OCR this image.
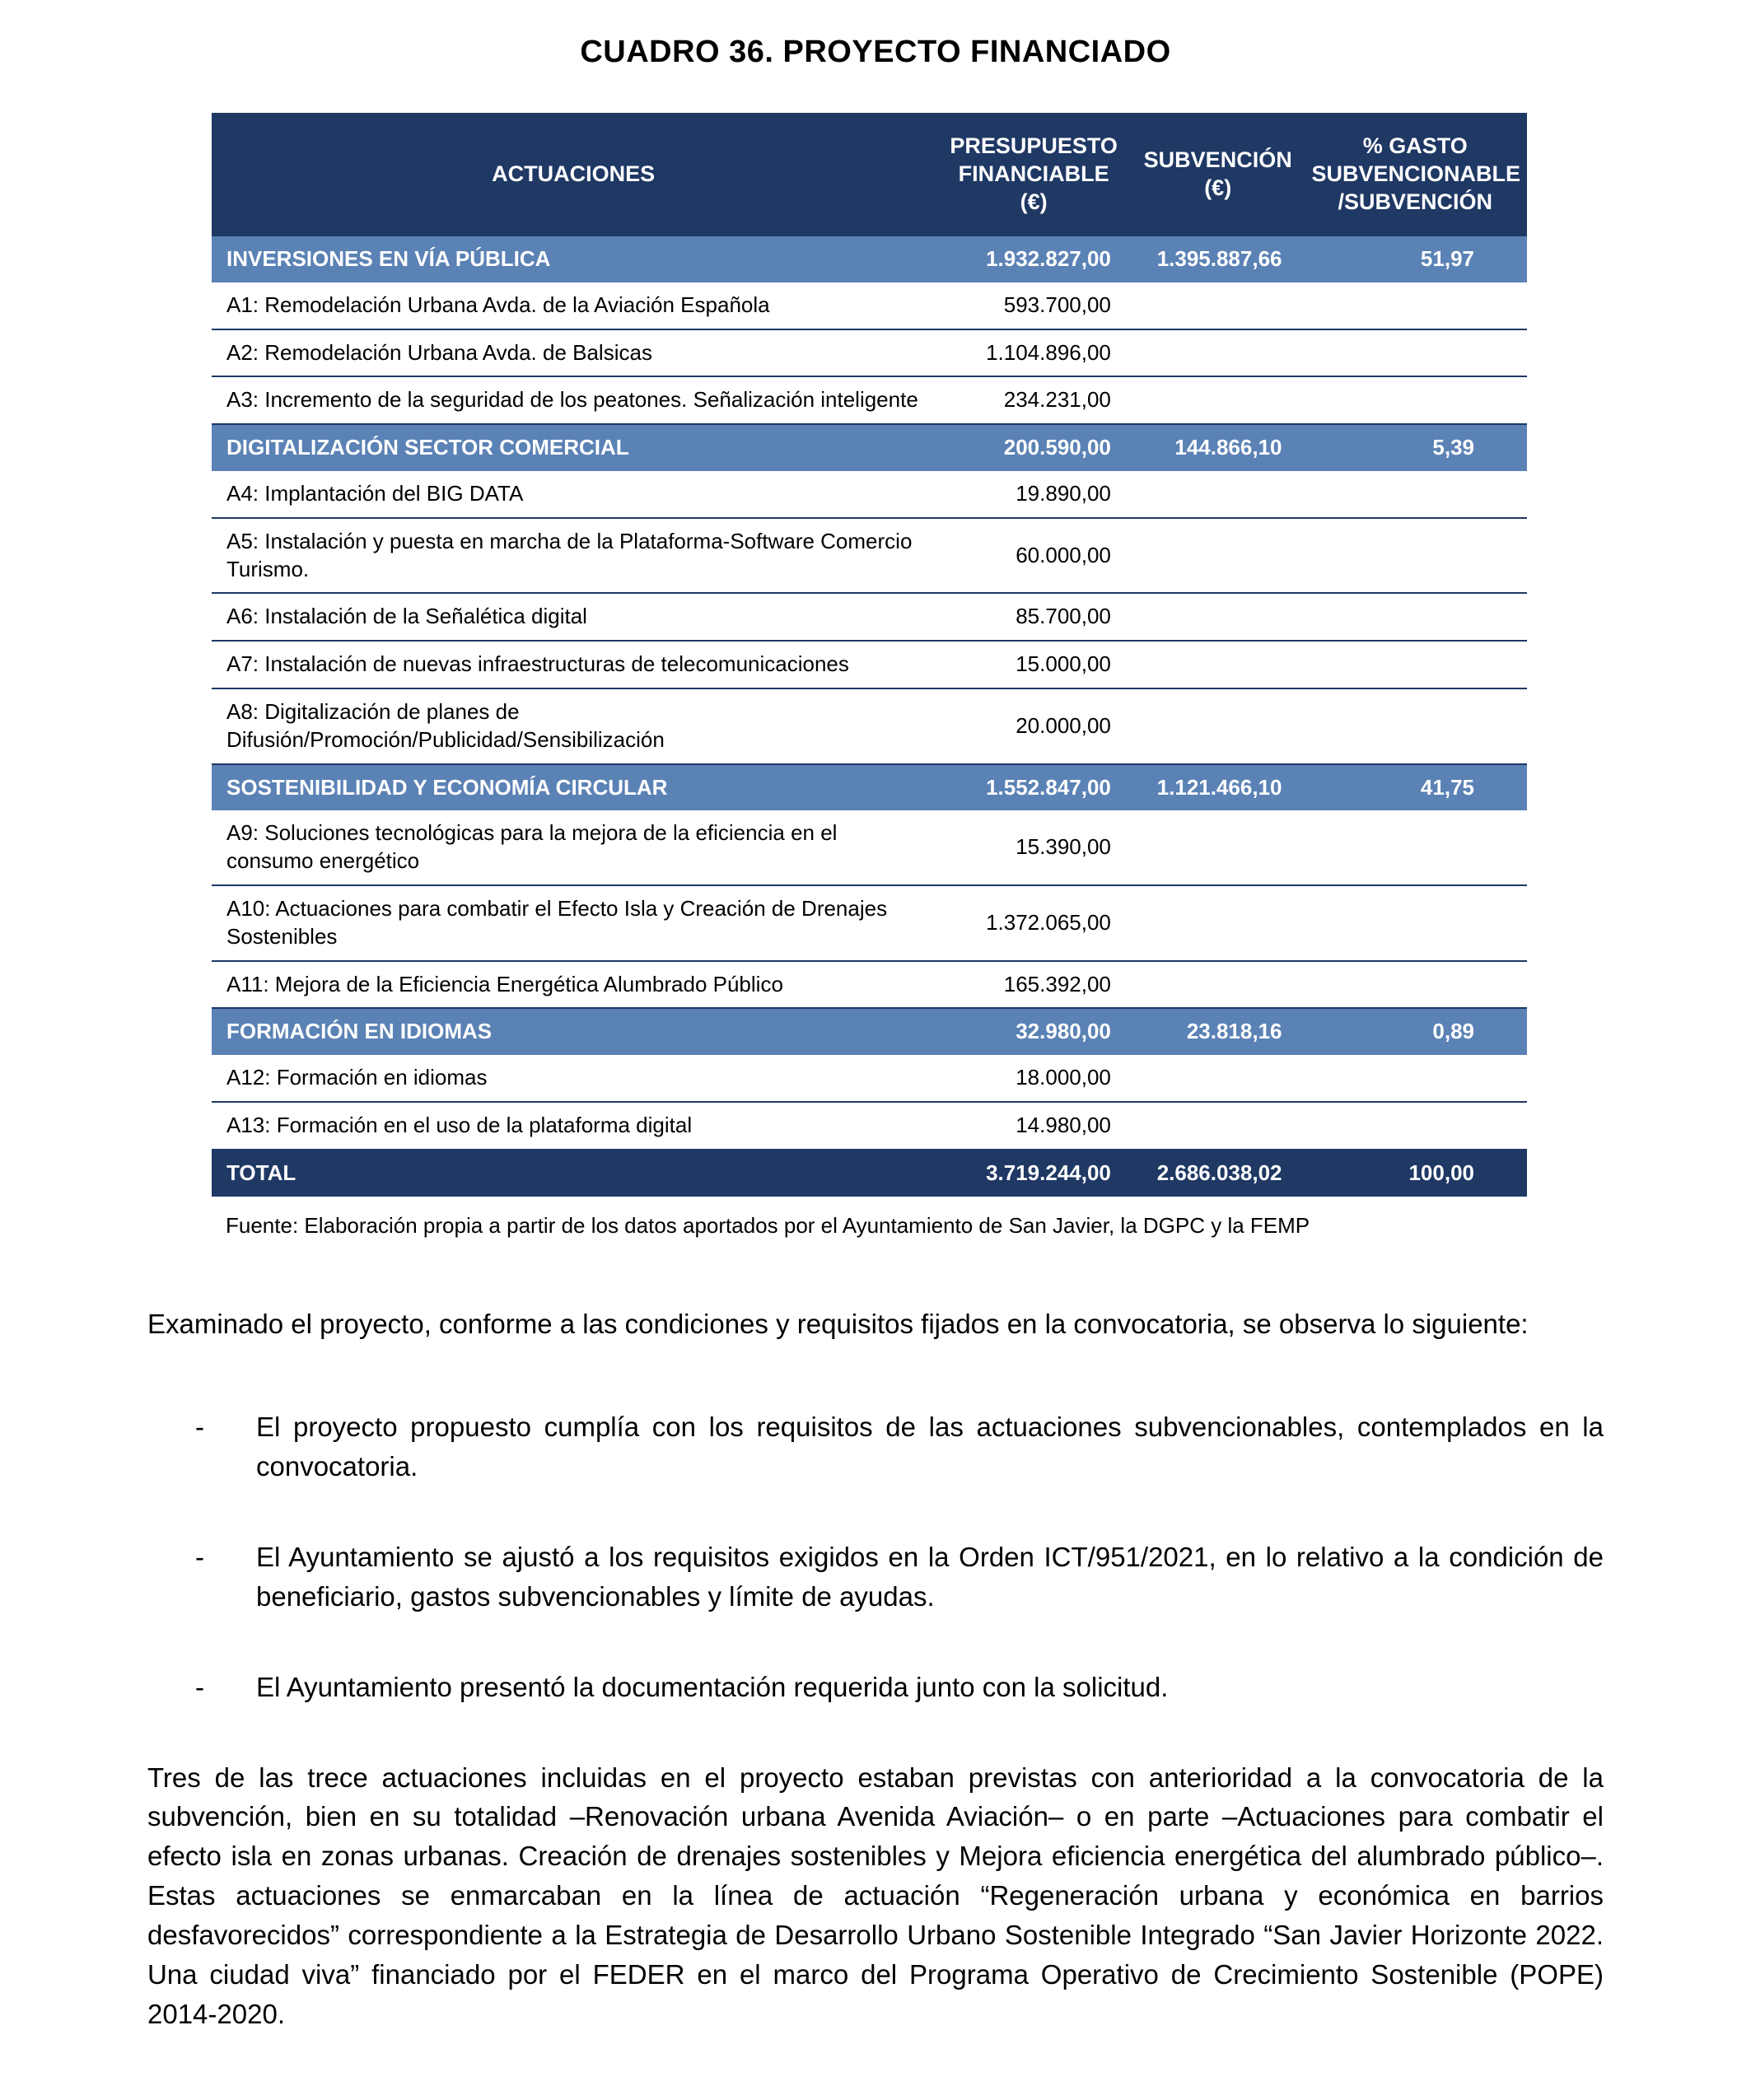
CUADRO 36. PROYECTO FINANCIADO
ACTUACIONES	PRESUPUESTO FINANCIABLE (€)	SUBVENCIÓN (€)	% GASTO SUBVENCIONABLE /SUBVENCIÓN
INVERSIONES EN VÍA PÚBLICA	1.932.827,00	1.395.887,66	51,97
A1: Remodelación Urbana Avda. de la Aviación Española	593.700,00		
A2: Remodelación Urbana Avda. de Balsicas	1.104.896,00		
A3: Incremento de la seguridad de los peatones. Señalización inteligente	234.231,00		
DIGITALIZACIÓN SECTOR COMERCIAL	200.590,00	144.866,10	5,39
A4: Implantación del BIG DATA	19.890,00		
A5: Instalación y puesta en marcha de la Plataforma-Software Comercio Turismo.	60.000,00		
A6: Instalación de la Señalética digital	85.700,00		
A7: Instalación de nuevas infraestructuras de telecomunicaciones	15.000,00		
A8: Digitalización de planes de Difusión/Promoción/Publicidad/Sensibilización	20.000,00		
SOSTENIBILIDAD Y ECONOMÍA CIRCULAR	1.552.847,00	1.121.466,10	41,75
A9: Soluciones tecnológicas para la mejora de la eficiencia en el consumo energético	15.390,00		
A10: Actuaciones para combatir el Efecto Isla y Creación de Drenajes Sostenibles	1.372.065,00		
A11: Mejora de la Eficiencia Energética Alumbrado Público	165.392,00		
FORMACIÓN EN IDIOMAS	32.980,00	23.818,16	0,89
A12: Formación en idiomas	18.000,00		
A13: Formación en el uso de la plataforma digital	14.980,00		
TOTAL	3.719.244,00	2.686.038,02	100,00

Fuente: Elaboración propia a partir de los datos aportados por el Ayuntamiento de San Javier, la DGPC y la FEMP

Examinado el proyecto, conforme a las condiciones y requisitos fijados en la convocatoria, se observa lo siguiente:

-	El proyecto propuesto cumplía con los requisitos de las actuaciones subvencionables, contemplados en la convocatoria.
-	El Ayuntamiento se ajustó a los requisitos exigidos en la Orden ICT/951/2021, en lo relativo a la condición de beneficiario, gastos subvencionables y límite de ayudas.
-	El Ayuntamiento presentó la documentación requerida junto con la solicitud.

Tres de las trece actuaciones incluidas en el proyecto estaban previstas con anterioridad a la convocatoria de la subvención, bien en su totalidad –Renovación urbana Avenida Aviación– o en parte –Actuaciones para combatir el efecto isla en zonas urbanas. Creación de drenajes sostenibles y Mejora eficiencia energética del alumbrado público–. Estas actuaciones se enmarcaban en la línea de actuación “Regeneración urbana y económica en barrios desfavorecidos” correspondiente a la Estrategia de Desarrollo Urbano Sostenible Integrado “San Javier Horizonte 2022. Una ciudad viva” financiado por el FEDER en el marco del Programa Operativo de Crecimiento Sostenible (POPE) 2014-2020.
